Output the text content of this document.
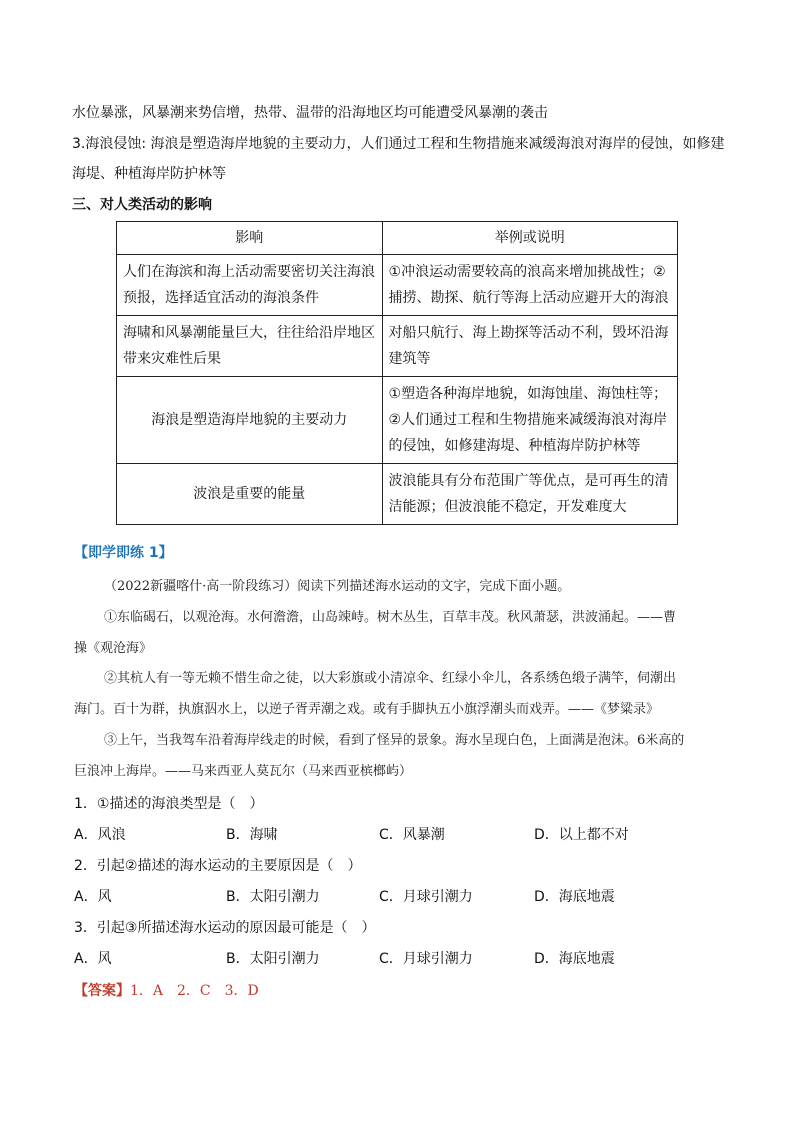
水位暴涨，风暴潮来势信增，热带、温带的沿海地区均可能遭受风暴潮的袭击
3.海浪侵蚀: 海浪是塑造海岸地貌的主要动力，人们通过工程和生物措施来减缓海浪对海岸的侵蚀，如修建
海堤、种植海岸防护林等
三、对人类活动的影响
影响	举例或说明
人们在海滨和海上活动需要密切关注海浪预报，选择适宜活动的海浪条件	①冲浪运动需要较高的浪高来增加挑战性；②捕捞、勘探、航行等海上活动应避开大的海浪
海啸和风暴潮能量巨大，往往给沿岸地区带来灾难性后果	对船只航行、海上勘探等活动不利，毁坏沿海建筑等
海浪是塑造海岸地貌的主要动力	①塑造各种海岸地貌，如海蚀崖、海蚀柱等；②人们通过工程和生物措施来减缓海浪对海岸的侵蚀，如修建海堤、种植海岸防护林等
波浪是重要的能量	波浪能具有分布范围广等优点，是可再生的清洁能源；但波浪能不稳定，开发难度大
【即学即练 1】
（2022新疆喀什·高一阶段练习）阅读下列描述海水运动的文字，完成下面小题。
①东临碣石，以观沧海。水何澹澹，山岛竦峙。树木丛生，百草丰茂。秋风萧瑟，洪波涌起。——曹
操《观沧海》
②其杭人有一等无赖不惜生命之徒，以大彩旗或小清凉伞、红绿小伞儿，各系绣色缎子满竿，伺潮出
海门。百十为群，执旗泅水上，以逆子胥弄潮之戏。或有手脚执五小旗浮潮头而戏弄。——《梦粱录》
③上午，当我驾车沿着海岸线走的时候，看到了怪异的景象。海水呈现白色，上面满是泡沫。6米高的
巨浪冲上海岸。——马来西亚人莫瓦尔（马来西亚槟榔屿）
1．①描述的海浪类型是（　）
A．风浪	B．海啸	C．风暴潮	D．以上都不对
2．引起②描述的海水运动的主要原因是（　）
A．风	B．太阳引潮力	C．月球引潮力	D．海底地震
3．引起③所描述海水运动的原因最可能是（　）
A．风	B．太阳引潮力	C．月球引潮力	D．海底地震
【答案】1．A　2．C　3．D
